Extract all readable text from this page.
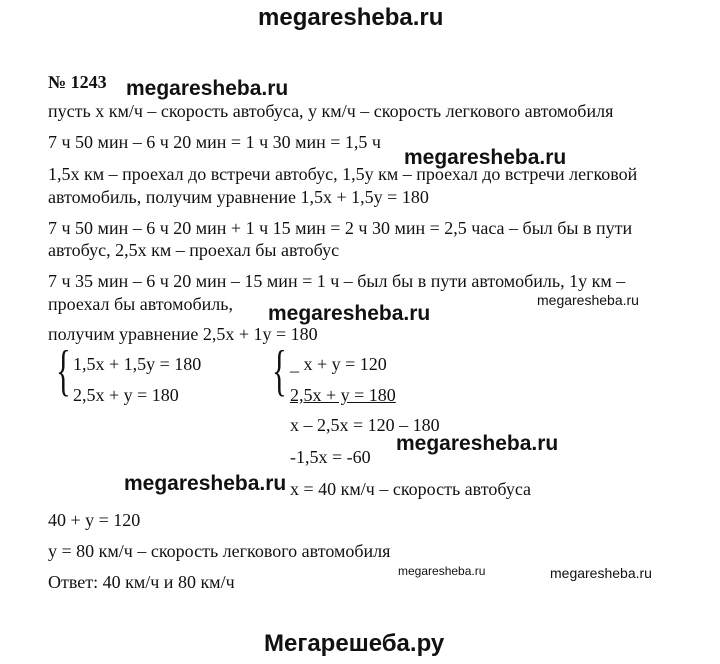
megaresheba.ru
№ 1243 megaresheba.ru
пусть x км/ч – скорость автобуса, у км/ч – скорость легкового автомобиля
7 ч 50 мин – 6 ч 20 мин = 1 ч 30 мин = 1,5 ч
megaresheba.ru
1,5х км – проехал до встречи автобус, 1,5у км – проехал до встречи легковой
автомобиль, получим уравнение 1,5х + 1,5у = 180
7 ч 50 мин – 6 ч 20 мин + 1 ч 15 мин = 2 ч 30 мин = 2,5 часа – был бы в пути
автобус, 2,5х км – проехал бы автобус
7 ч 35 мин – 6 ч 20 мин – 15 мин = 1 ч – был бы в пути автомобиль, 1у км –
проехал бы автомобиль,	megaresheba.ru
megaresheba.ru
получим уравнение 2,5х + 1у = 180
{ 1,5x + 1,5y = 180
2,5x + y = 180 { _ x + y = 120
2,5x + y = 180
x – 2,5x = 120 – 180
megaresheba.ru
-1,5x = -60
megaresheba.ru x = 40 км/ч – скорость автобуса
40 + y = 120
y = 80 км/ч – скорость легкового автомобиля
megaresheba.ru	megaresheba.ru
Ответ: 40 км/ч и 80 км/ч
Мегарешеба.ру
